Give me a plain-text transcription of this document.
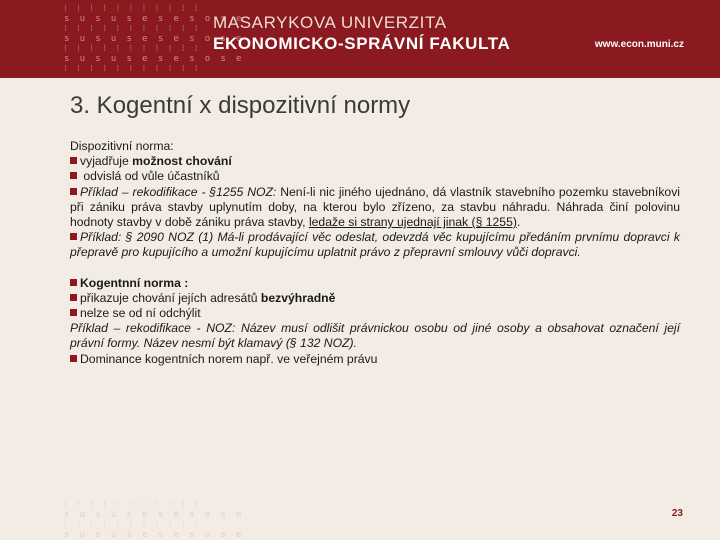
⁝ ⁝ ⁝ ⁝ ⁝ ⁝ ⁝ ⁝ ⁝ ⁝ ⁝
s u s u s e s e s o s e
⁝ ⁝ ⁝ ⁝ ⁝ ⁝ ⁝ ⁝ ⁝ ⁝ ⁝
s u s u s e s e s o s e
⁝ ⁝ ⁝ ⁝ ⁝ ⁝ ⁝ ⁝ ⁝ ⁝ ⁝
s u s u s e s e s o s e
⁝ ⁝ ⁝ ⁝ ⁝ ⁝ ⁝ ⁝ ⁝ ⁝ ⁝
MASARYKOVA UNIVERZITA
EKONOMICKO-SPRÁVNÍ FAKULTA	www.econ.muni.cz
3. Kogentní x dispozitivní normy
Dispozitivní norma:
vyjadřuje možnost chování
odvislá od vůle účastníků
Příklad – rekodifikace - §1255 NOZ: Není-li nic jiného ujednáno, dá vlastník stavebního pozemku stavebníkovi při zániku práva stavby uplynutím doby, na kterou bylo zřízeno, za stavbu náhradu. Náhrada činí polovinu hodnoty stavby v době zániku práva stavby, ledaže si strany ujednají jinak (§ 1255).
Příklad: § 2090 NOZ (1) Má-li prodávající věc odeslat, odevzdá věc kupujícímu předáním prvnímu dopravci k přepravě pro kupujícího a umožní kupujícímu uplatnit právo z přepravní smlouvy vůči dopravci.
Kogentnní norma :
přikazuje chování jejích adresátů bezvýhradně
nelze se od ní odchýlit
Příklad – rekodifikace - NOZ: Název musí odlišit právnickou osobu od jiné osoby a obsahovat označení její právní formy. Název nesmí být klamavý (§ 132 NOZ).
Dominance kogentních norem např. ve veřejném právu
⁝ ⁝ ⁝ ⁝ ⁝ ⁝ ⁝ ⁝ ⁝ ⁝ ⁝
s u s u s e s e s o s e
⁝ ⁝ ⁝ ⁝ ⁝ ⁝ ⁝ ⁝ ⁝ ⁝ ⁝
s u s u s e s e s o s e
23
